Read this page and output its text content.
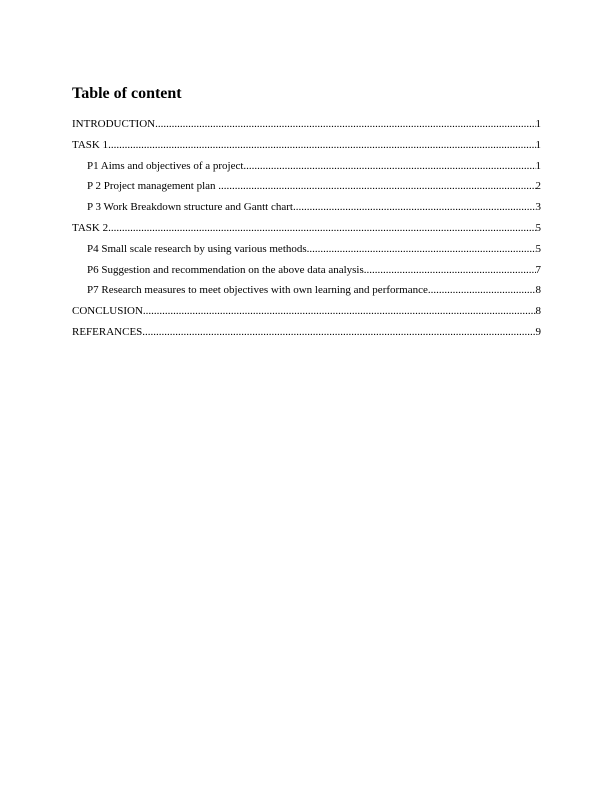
Table of content
INTRODUCTION .....	1
TASK 1 .....	1
P1 Aims and objectives of a project .....	1
P 2 Project management plan .....	2
P 3 Work Breakdown structure and Gantt chart .....	3
TASK 2 .....	5
P4 Small scale research by using various methods .....	5
P6 Suggestion and recommendation on the above data analysis .....	7
P7 Research measures to meet objectives with own learning and performance .....	8
CONCLUSION .....	8
REFERANCES .....	9
